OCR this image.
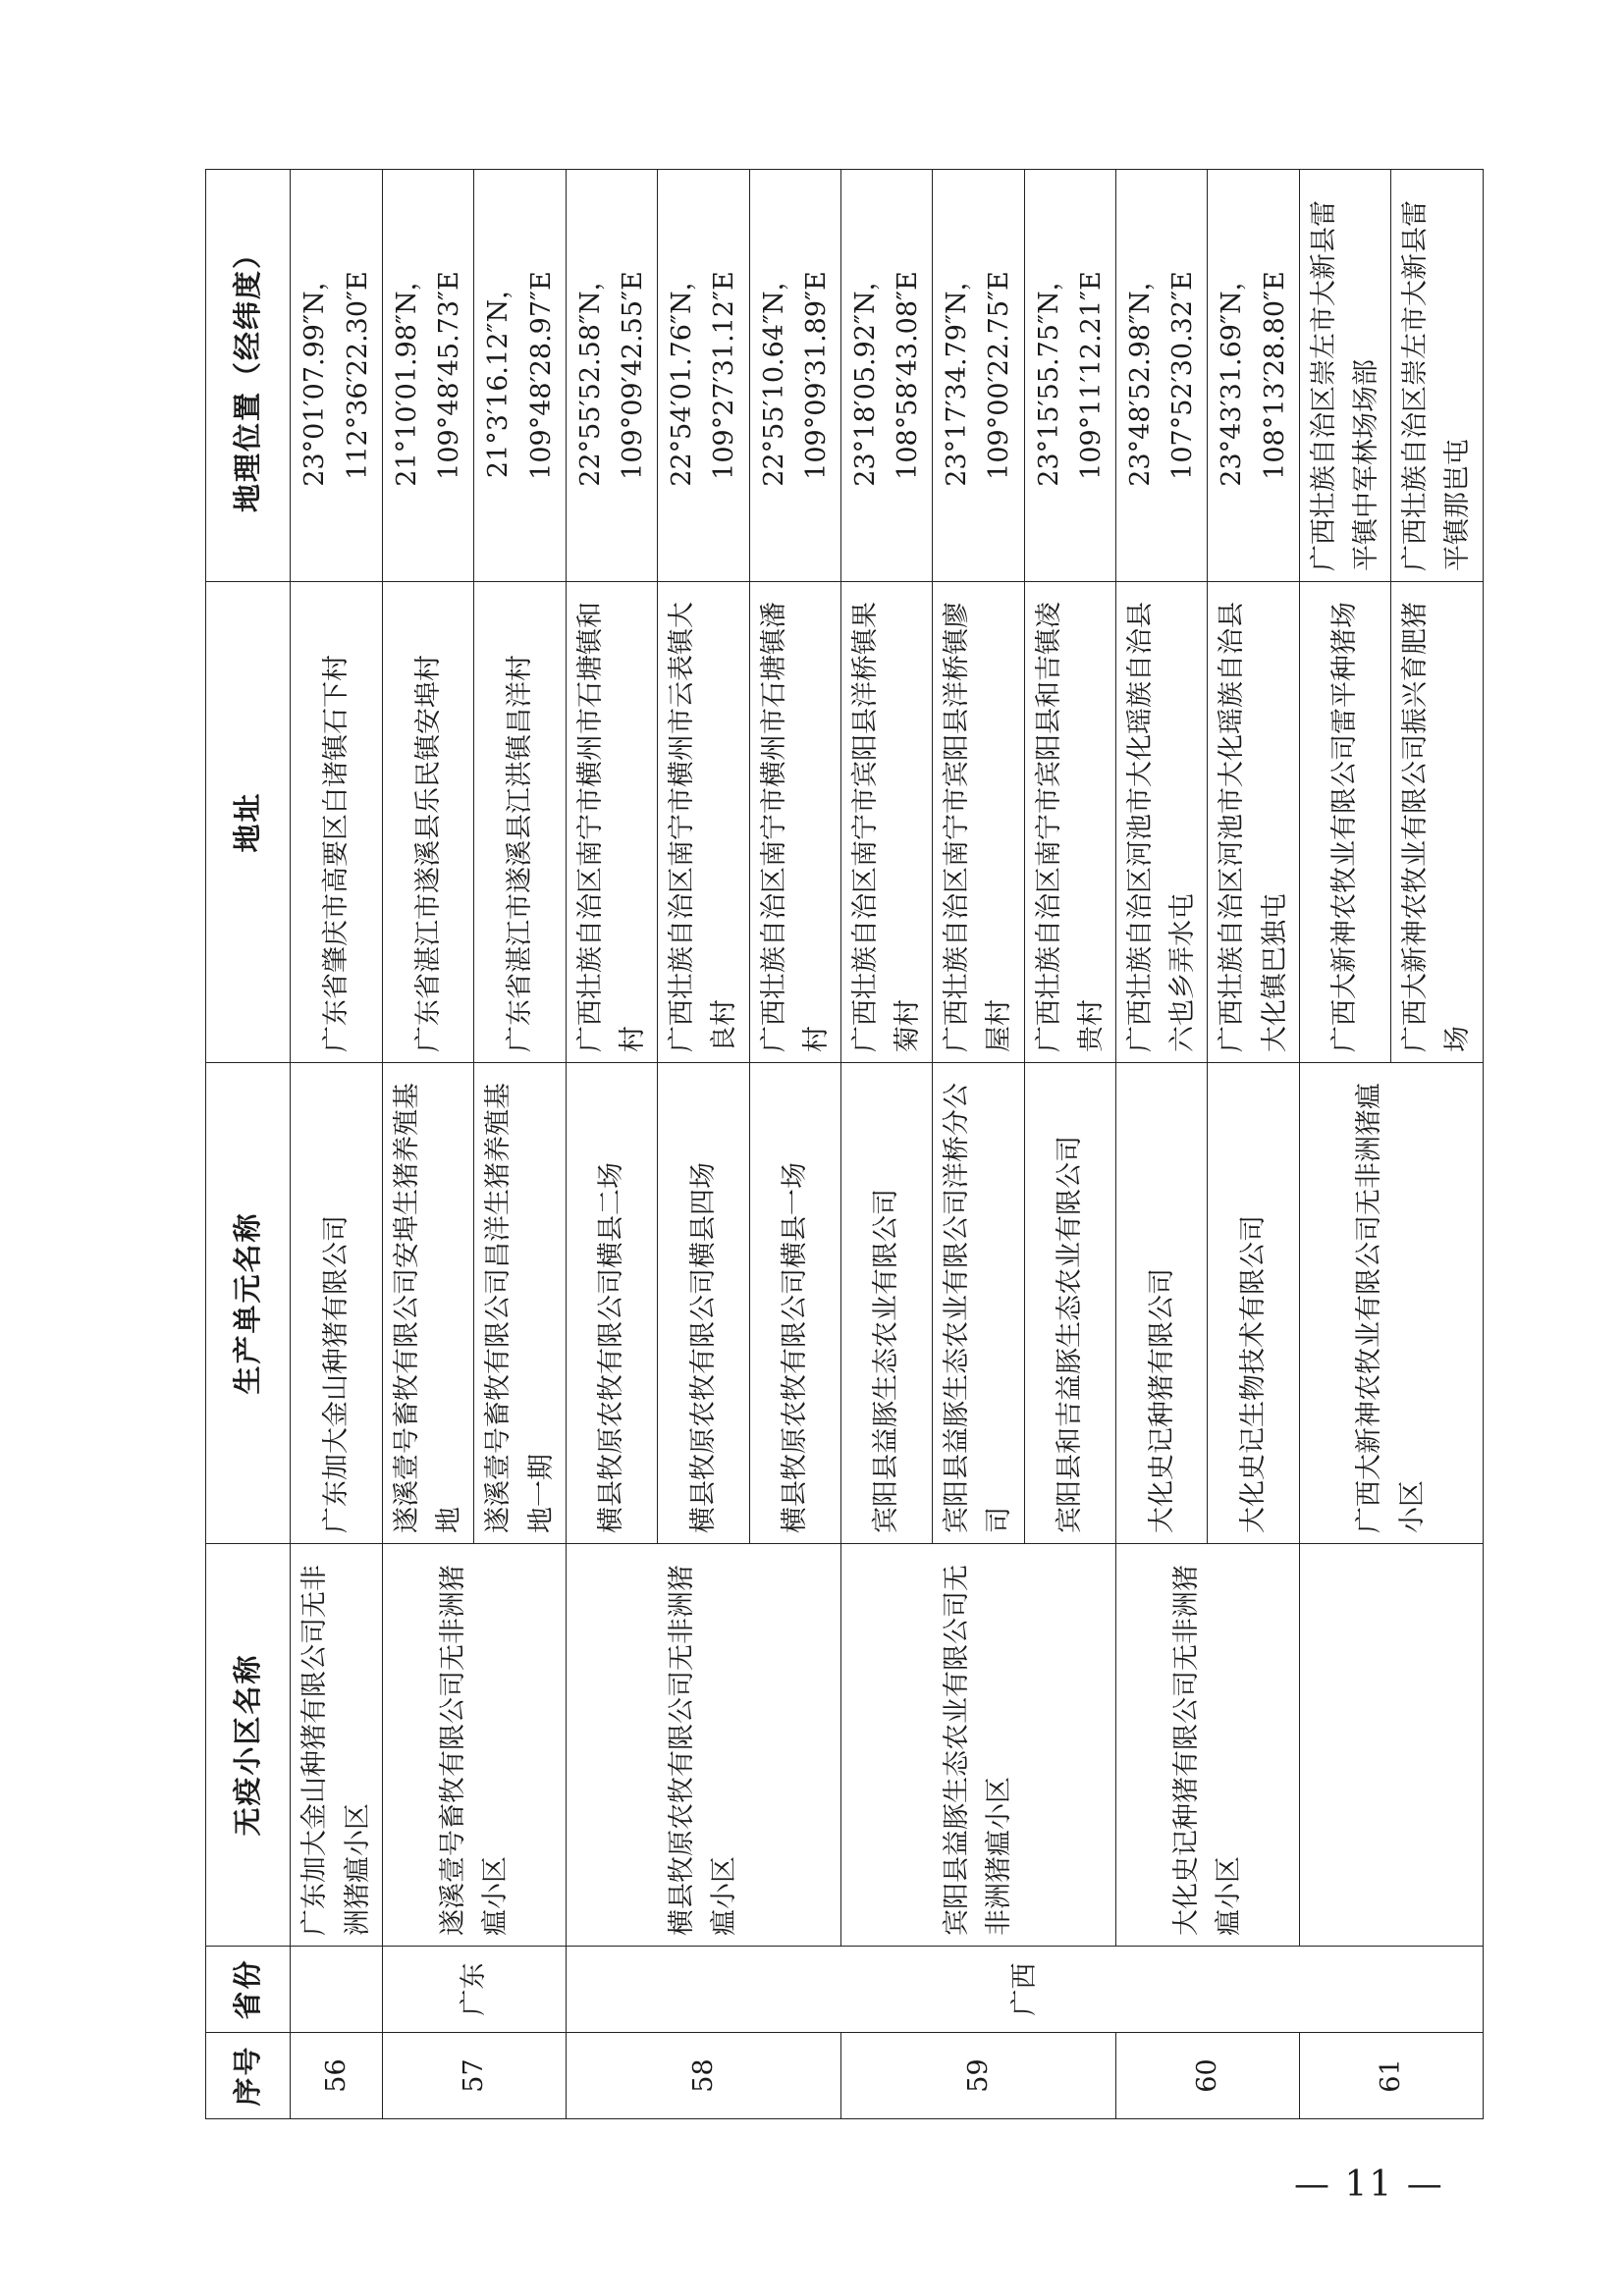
序号	省份	无疫小区名称	生产单元名称	地址	地理位置（经纬度）	
56		广东加大金山种猪有限公司无非洲猪瘟小区	广东加大金山种猪有限公司	广东省肇庆市高要区白诸镇石下村	23°01′07.99″N，112°36′22.30″E	
57	广东	遂溪壹号畜牧有限公司无非洲猪瘟小区	遂溪壹号畜牧有限公司安埠生猪养殖基地	广东省湛江市遂溪县乐民镇安埠村	21°10′01.98″N，109°48′45.73″E	
			遂溪壹号畜牧有限公司昌洋生猪养殖基地一期	广东省湛江市遂溪县江洪镇昌洋村	21°3′16.12″N，109°48′28.97″E	
58	广西	横县牧原农牧有限公司无非洲猪瘟小区	横县牧原农牧有限公司横县二场	广西壮族自治区南宁市横州市石塘镇和村	22°55′52.58″N，109°09′42.55″E	
			横县牧原农牧有限公司横县四场	广西壮族自治区南宁市横州市云表镇大良村	22°54′01.76″N，109°27′31.12″E	
			横县牧原农牧有限公司横县一场	广西壮族自治区南宁市横州市石塘镇潘村	22°55′10.64″N，109°09′31.89″E	
59		宾阳县益豚生态农业有限公司无非洲猪瘟小区	宾阳县益豚生态农业有限公司	广西壮族自治区南宁市宾阳县洋桥镇果菊村	23°18′05.92″N，108°58′43.08″E	
			宾阳县益豚生态农业有限公司洋桥分公司	广西壮族自治区南宁市宾阳县洋桥镇廖屋村	23°17′34.79″N，109°00′22.75″E	
			宾阳县和吉益豚生态农业有限公司	广西壮族自治区南宁市宾阳县和吉镇凌贵村	23°15′55.75″N，109°11′12.21″E	
60		大化史记种猪有限公司无非洲猪瘟小区	大化史记种猪有限公司	广西壮族自治区河池市大化瑶族自治县六也乡弄水屯	23°48′52.98″N，107°52′30.32″E	
			大化史记生物技术有限公司	广西壮族自治区河池市大化瑶族自治县大化镇巴独屯	23°43′31.69″N，108°13′28.80″E	
61			广西大新神农牧业有限公司无非洲猪瘟小区	广西大新神农牧业有限公司雷平种猪场	广西壮族自治区崇左市大新县雷平镇中军林场场部	
				广西大新神农牧业有限公司振兴育肥猪场	广西壮族自治区崇左市大新县雷平镇那岜屯	
— 11 —
